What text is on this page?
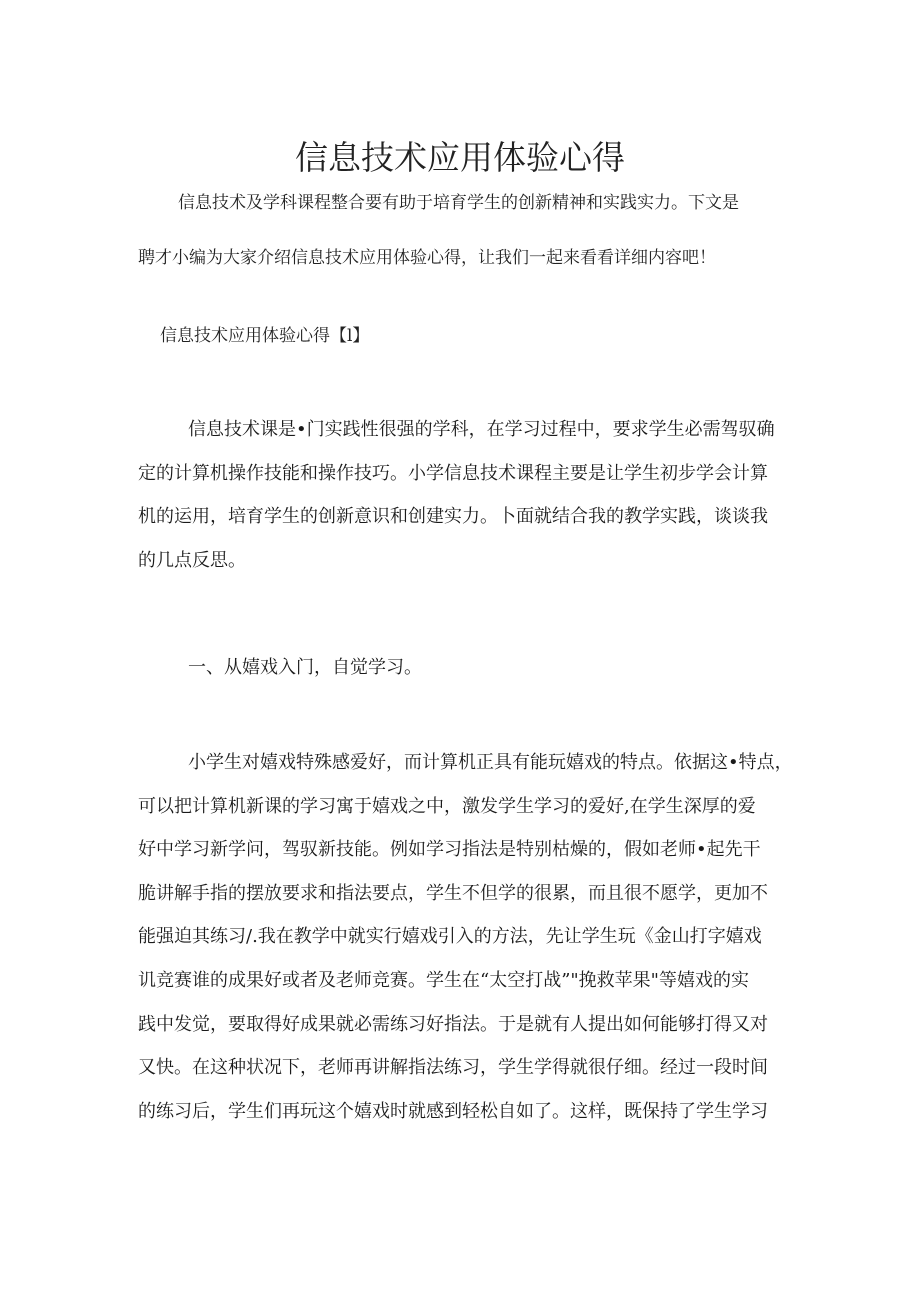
信息技术应用体验心得

信息技术及学科课程整合要有助于培育学生的创新精神和实践实力。下文是

聘才小编为大家介绍信息技术应用体验心得，让我们一起来看看详细内容吧！

信息技术应用体验心得【l】

信息技术课是•门实践性很强的学科，在学习过程中，要求学生必需驾驭确

定的计算机操作技能和操作技巧。小学信息技术课程主要是让学生初步学会计算

机的运用，培育学生的创新意识和创建实力。卜面就结合我的教学实践，谈谈我

的几点反思。

一、从嬉戏入门，自觉学习。

小学生对嬉戏特殊感爱好，而计算机正具有能玩嬉戏的特点。依据这•特点，

可以把计算机新课的学习寓于嬉戏之中，激发学生学习的爱好,在学生深厚的爱

好中学习新学问，驾驭新技能。例如学习指法是特别枯燥的，假如老师•起先干

脆讲解手指的摆放要求和指法要点，学生不但学的很累，而且很不愿学，更加不

能强迫其练习/.我在教学中就实行嬉戏引入的方法，先让学生玩《金山打字嬉戏

讥竞赛谁的成果好或者及老师竞赛。学生在“太空打战”"挽救苹果"等嬉戏的实

践中发觉，要取得好成果就必需练习好指法。于是就有人提出如何能够打得又对

又快。在这种状况下，老师再讲解指法练习，学生学得就很仔细。经过一段时间

的练习后，学生们再玩这个嬉戏时就感到轻松自如了。这样，既保持了学生学习
